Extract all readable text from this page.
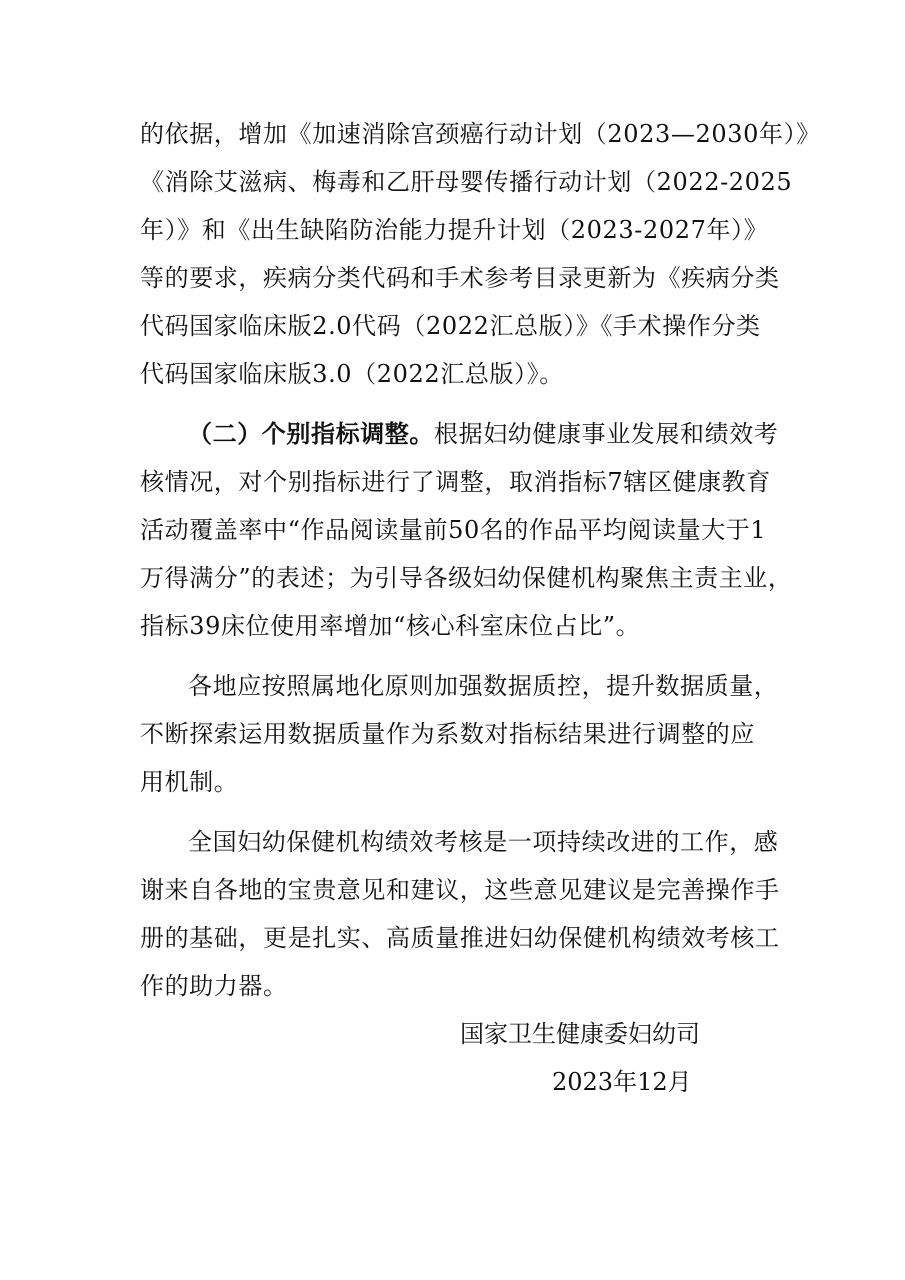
的依据，增加《加速消除宫颈癌行动计划（2023—2030年）》
《消除艾滋病、梅毒和乙肝母婴传播行动计划（2022-2025
年）》和《出生缺陷防治能力提升计划（2023-2027年）》
等的要求，疾病分类代码和手术参考目录更新为《疾病分类
代码国家临床版2.0代码（2022汇总版）》《手术操作分类
代码国家临床版3.0（2022汇总版）》。
（二）个别指标调整。根据妇幼健康事业发展和绩效考
核情况，对个别指标进行了调整，取消指标7辖区健康教育
活动覆盖率中“作品阅读量前50名的作品平均阅读量大于1
万得满分”的表述；为引导各级妇幼保健机构聚焦主责主业，
指标39床位使用率增加“核心科室床位占比”。
各地应按照属地化原则加强数据质控，提升数据质量，
不断探索运用数据质量作为系数对指标结果进行调整的应
用机制。
全国妇幼保健机构绩效考核是一项持续改进的工作，感
谢来自各地的宝贵意见和建议，这些意见建议是完善操作手
册的基础，更是扎实、高质量推进妇幼保健机构绩效考核工
作的助力器。
国家卫生健康委妇幼司
2023年12月
